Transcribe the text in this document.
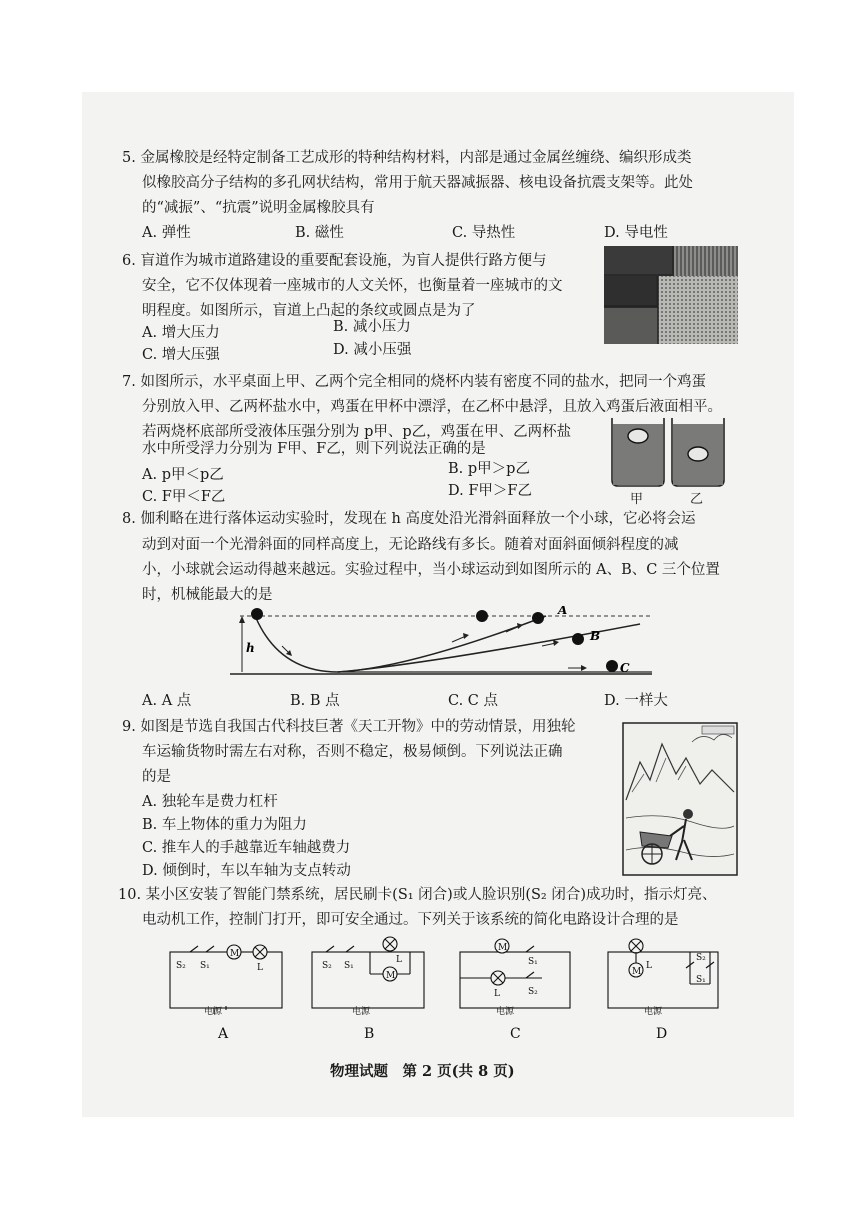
5. 金属橡胶是经特定制备工艺成形的特种结构材料，内部是通过金属丝缠绕、编织形成类
似橡胶高分子结构的多孔网状结构，常用于航天器减振器、核电设备抗震支架等。此处
的“减振”、“抗震”说明金属橡胶具有
A. 弹性	B. 磁性	C. 导热性	D. 导电性
6. 盲道作为城市道路建设的重要配套设施，为盲人提供行路方便与
安全，它不仅体现着一座城市的人文关怀，也衡量着一座城市的文
明程度。如图所示，盲道上凸起的条纹或圆点是为了
A. 增大压力	B. 减小压力
C. 增大压强	D. 减小压强
7. 如图所示，水平桌面上甲、乙两个完全相同的烧杯内装有密度不同的盐水，把同一个鸡蛋
分别放入甲、乙两杯盐水中，鸡蛋在甲杯中漂浮，在乙杯中悬浮，且放入鸡蛋后液面相平。
若两烧杯底部所受液体压强分别为 p甲、p乙，鸡蛋在甲、乙两杯盐
水中所受浮力分别为 F甲、F乙，则下列说法正确的是
A. p甲＜p乙	B. p甲＞p乙
C. F甲＜F乙	D. F甲＞F乙
甲	乙
8. 伽利略在进行落体运动实验时，发现在 h 高度处沿光滑斜面释放一个小球，它必将会运
动到对面一个光滑斜面的同样高度上，无论路线有多长。随着对面斜面倾斜程度的减
小，小球就会运动得越来越远。实验过程中，当小球运动到如图所示的 A、B、C 三个位置
时，机械能最大的是
h
A
B
C
A. A 点	B. B 点	C. C 点	D. 一样大
9. 如图是节选自我国古代科技巨著《天工开物》中的劳动情景，用独轮
车运输货物时需左右对称，否则不稳定，极易倾倒。下列说法正确
的是
A. 独轮车是费力杠杆
B. 车上物体的重力为阻力
C. 推车人的手越靠近车轴越费力
D. 倾倒时，车以车轴为支点转动
10. 某小区安装了智能门禁系统，居民刷卡(S₁ 闭合)或人脸识别(S₂ 闭合)成功时，指示灯亮、
电动机工作，控制门打开，即可安全通过。下列关于该系统的简化电路设计合理的是
S₂ S₁
M
L
电源
S₂ S₁
L
M
电源
M
S₁
L	S₂
电源
L
M
S₂
S₁
电源
A	B	C	D
物理试题　第 2 页(共 8 页)
